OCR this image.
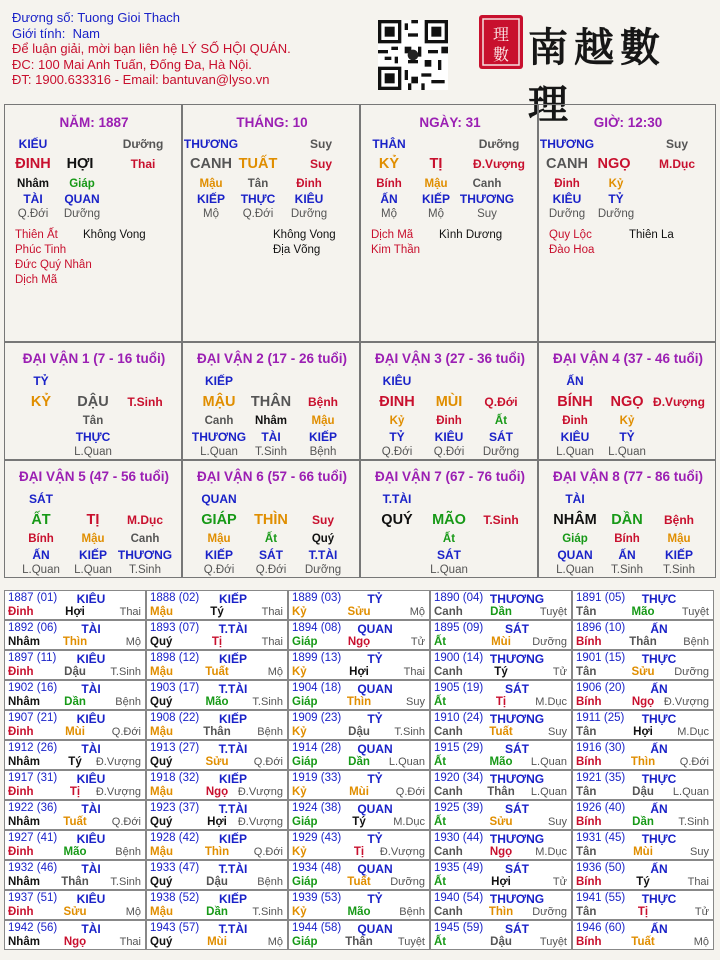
Đương số: Tuong Gioi Thach
Giới tính: Nam
Để luận giải, mời bạn liên hệ LÝ SỐ HỘI QUÁN.
ĐC: 100 Mai Anh Tuấn, Đống Đa, Hà Nội.
ĐT: 1900.633316 - Email: bantuvan@lyso.vn
理
數 南越數理
NĂM: 1887
KIẾU	Dưỡng
ĐINH HỢI	Thai
Nhâm
TÀI
Q.Đới
Giáp
QUAN
Dưỡng
Thiên Ất
Phúc Tinh
Đức Quý Nhân
Dịch Mã
Không Vong
THÁNG: 10
THƯƠNG	Suy
CANH TUẤT	Suy
Mậu
KIẾP
Mộ
Tân
THỰC
Q.Đới
Đinh
KIÊU
Dưỡng
Không Vong
Địa Võng
NGÀY: 31
THÂN	Dưỡng
KỶ TỊ	Đ.Vượng
Bính
ẤN
Mộ
Mậu
KIẾP
Mộ
Canh
THƯƠNG
Suy
Dịch Mã
Kim Thần
Kình Dương
GIỜ: 12:30
THƯƠNG	Suy
CANH NGỌ M.Dục
Đinh
KIÊU
Dưỡng
Kỷ
TỶ
Dưỡng
Quy Lộc
Đào Hoa
Thiên La
ĐẠI VẬN 1 (7 - 16 tuổi)
TỶ
KỶ DẬU T.Sinh
Tân
THỰC
L.Quan
ĐẠI VẬN 2 (17 - 26 tuổi)
KIẾP
MẬU THÂN Bệnh
Canh
THƯƠNG
L.Quan
Nhâm
TÀI
T.Sinh
Mậu
KIẾP
Bệnh
ĐẠI VẬN 3 (27 - 36 tuổi)
KIÊU
ĐINH MÙI Q.Đới
Kỷ
TỶ
Q.Đới
Đinh
KIÊU
Q.Đới
Ất
SÁT
Dưỡng
ĐẠI VẬN 4 (37 - 46 tuổi)
ẤN
BÍNH NGỌ Đ.Vượng
Đinh
KIÊU
L.Quan
Kỷ
TỶ
L.Quan
ĐẠI VẬN 5 (47 - 56 tuổi)
SÁT
ẤT TỊ M.Dục
Bính
ẤN
L.Quan
Mậu
KIẾP
L.Quan
Canh
THƯƠNG
T.Sinh
ĐẠI VẬN 6 (57 - 66 tuổi)
QUAN
GIÁP THÌN Suy
Mậu
KIẾP
Q.Đới
Ất
SÁT
Q.Đới
Quý
T.TÀI
Dưỡng
ĐẠI VẬN 7 (67 - 76 tuổi)
T.TÀI
QUÝ MÃO T.Sinh
Ất
SÁT
L.Quan
ĐẠI VẬN 8 (77 - 86 tuổi)
TÀI
NHÂM DẦN Bệnh
Giáp
QUAN
L.Quan
Bính
ẤN
T.Sinh
Mậu
KIẾP
T.Sinh
1887 (01) KIÊU
Đinh	Hợi	Thai
1888 (02) KIẾP
Mậu	Tý	Thai
1889 (03) TỶ
Kỷ	Sửu	Mộ
1890 (04) THƯƠNG
Canh Dần	Tuyệt
1891 (05) THỰC
Tân	Mão Tuyệt
1892 (06) TÀI
Nhâm Thìn	Mộ
1893 (07) T.TÀI
Quý	Tị	Thai
1894 (08) QUAN
Giáp	Ngọ	Tử
1895 (09) SÁT
Ất	Mùi Dưỡng
1896 (10) ẤN
Bính Thân Bệnh
1897 (11) KIÊU
Đinh	Dậu T.Sinh
1898 (12) KIẾP
Mậu	Tuất	Mộ
1899 (13) TỶ
Kỷ	Hợi	Thai
1900 (14) THƯƠNG
Canh	Tý	Tử
1901 (15) THỰC
Tân	Sửu Dưỡng
1902 (16) TÀI
Nhâm Dần	Bệnh
1903 (17) T.TÀI
Quý	Mão T.Sinh
1904 (18) QUAN
Giáp	Thìn	Suy
1905 (19) SÁT
Ất	Tị	M.Dục
1906 (20) ẤN
Bính	Ngọ Đ.Vượng
1907 (21) KIÊU
Đinh	Mùi Q.Đới
1908 (22) KIẾP
Mậu	Thân Bệnh
1909 (23) TỶ
Kỷ	Dậu T.Sinh
1910 (24) THƯƠNG
Canh Tuất	Suy
1911 (25) THỰC
Tân	Hợi M.Dục
1912 (26) TÀI
Nhâm Tý Đ.Vượng
1913 (27) T.TÀI
Quý	Sửu Q.Đới
1914 (28) QUAN
Giáp	Dần L.Quan
1915 (29) SÁT
Ất	Mão L.Quan
1916 (30) ẤN
Bính	Thìn Q.Đới
1917 (31) KIÊU
Đinh	Tị Đ.Vượng
1918 (32) KIẾP
Mậu	Ngọ Đ.Vượng
1919 (33) TỶ
Kỷ	Mùi Q.Đới
1920 (34) THƯƠNG
Canh Thân L.Quan
1921 (35) THỰC
Tân	Dậu L.Quan
1922 (36) TÀI
Nhâm Tuất Q.Đới
1923 (37) T.TÀI
Quý	Hợi Đ.Vượng
1924 (38) QUAN
Giáp	Tý	M.Dục
1925 (39) SÁT
Ất	Sửu	Suy
1926 (40) ẤN
Bính	Dần T.Sinh
1927 (41) KIÊU
Đinh	Mão	Bệnh
1928 (42) KIẾP
Mậu	Thìn Q.Đới
1929 (43) TỶ
Kỷ	Tị Đ.Vượng
1930 (44) THƯƠNG
Canh Ngọ M.Dục
1931 (45) THỰC
Tân	Mùi	Suy
1932 (46) TÀI
Nhâm Thân T.Sinh
1933 (47) T.TÀI
Quý	Dậu	Bệnh
1934 (48) QUAN
Giáp	Tuất Dưỡng
1935 (49) SÁT
Ất	Hợi	Tử
1936 (50) ẤN
Bính	Tý	Thai
1937 (51) KIÊU
Đinh	Sửu	Mộ
1938 (52) KIẾP
Mậu	Dần T.Sinh
1939 (53) TỶ
Kỷ	Mão	Bệnh
1940 (54) THƯƠNG
Canh Thìn Dưỡng
1941 (55) THỰC
Tân	Tị	Tử
1942 (56) TÀI
Nhâm Ngọ	Thai
1943 (57) T.TÀI
Quý	Mùi	Mộ
1944 (58) QUAN
Giáp Thân Tuyệt
1945 (59) SÁT
Ất	Dậu	Tuyệt
1946 (60) ẤN
Bính	Tuất	Mộ
